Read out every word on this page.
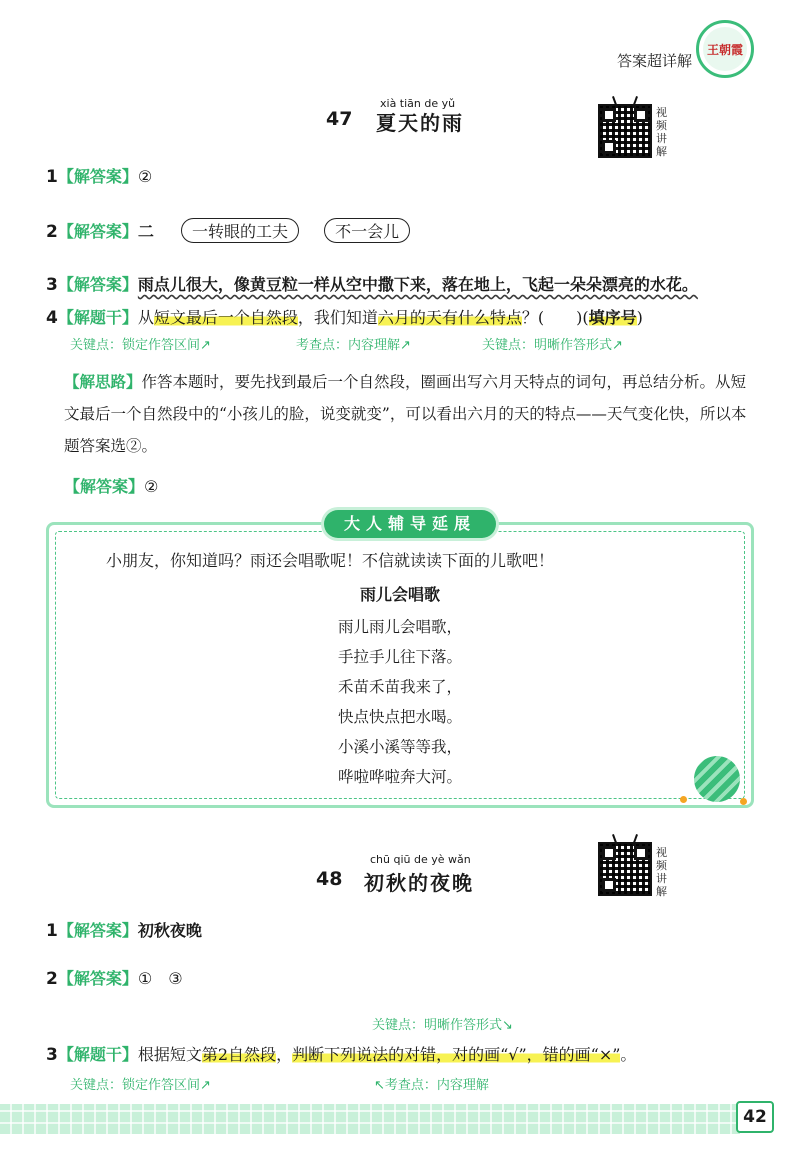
答案超详解
王朝霞
xià tiān de yǔ
47 夏天的雨	视
频
讲
解
1【解答案】②
2【解答案】二 一转眼的工夫	不一会儿
3【解答案】雨点儿很大，像黄豆粒一样从空中撒下来，落在地上，飞起一朵朵漂亮的水花。
4【解题干】从短文最后一个自然段，我们知道六月的天有什么特点？(　　)(填序号)
关键点：锁定作答区间↗	考查点：内容理解↗	关键点：明晰作答形式↗
【解思路】作答本题时，要先找到最后一个自然段，圈画出写六月天特点的词句，再总结分析。从短文最后一个自然段中的“小孩儿的脸，说变就变”，可以看出六月的天的特点——天气变化快，所以本题答案选②。
【解答案】②
大人辅导延展
小朋友，你知道吗？雨还会唱歌呢！不信就读读下面的儿歌吧！
雨儿会唱歌
雨儿雨儿会唱歌，
手拉手儿往下落。
禾苗禾苗我来了，
快点快点把水喝。
小溪小溪等等我，
哗啦哗啦奔大河。
chū qiū de yè wǎn
48 初秋的夜晚
视
频
讲
解
1【解答案】初秋夜晚
2【解答案】①　③
关键点：明晰作答形式↘
3【解题干】根据短文第2自然段，判断下列说法的对错，对的画“√”，错的画“×”。
关键点：锁定作答区间↗	↖考查点：内容理解
42
